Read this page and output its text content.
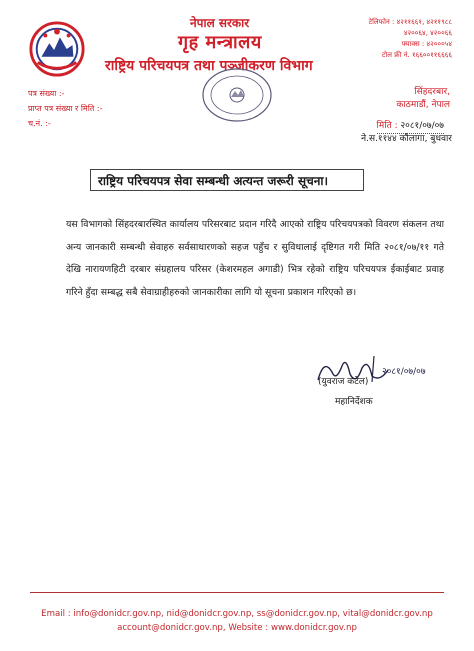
नेपाल सरकार
गृह मन्त्रालय
राष्ट्रिय परिचयपत्र तथा पञ्जीकरण विभाग
टेलिफोन : ४२११६६१, ४२११९८८
४२००६४, ४२००६६
फ्याक्स : ४२०००५४
टोल फ्री नं. १६६००११६६६६
सिंहदरबार,
काठमाडौं, नेपाल
पत्र संख्या :-
प्राप्त पत्र संख्या र मिति :-
च.नं. :-	मिति : २०८१/०७/०७
ने.स.११४४ कौलागा, बुधवार
राष्ट्रिय परिचयपत्र सेवा सम्बन्धी अत्यन्त जरूरी सूचना।
यस विभागको सिंहदरबारस्थित कार्यालय परिसरबाट प्रदान गरिदै आएको राष्ट्रिय परिचयपत्रको विवरण संकलन तथा अन्य जानकारी सम्बन्धी सेवाहरु सर्वसाधारणको सहज पहुँच र सुविधालाई दृष्टिगत गरी मिति २०८१/०७/११ गते देखि नारायणहिटी दरबार संग्रहालय परिसर (केशरमहल अगाडी) भित्र रहेको राष्ट्रिय परिचयपत्र ईकाईबाट प्रवाह गरिने हुँदा सम्बद्ध सबै सेवाग्राहीहरुको जानकारीका लागि यो सूचना प्रकाशन गरिएको छ।
२०८१/०७/०७
(युवराज कटेल)
महानिर्देशक
Email : info@donidcr.gov.np, nid@donidcr.gov.np, ss@donidcr.gov.np, vital@donidcr.gov.np
account@donidcr.gov.np, Website : www.donidcr.gov.np
